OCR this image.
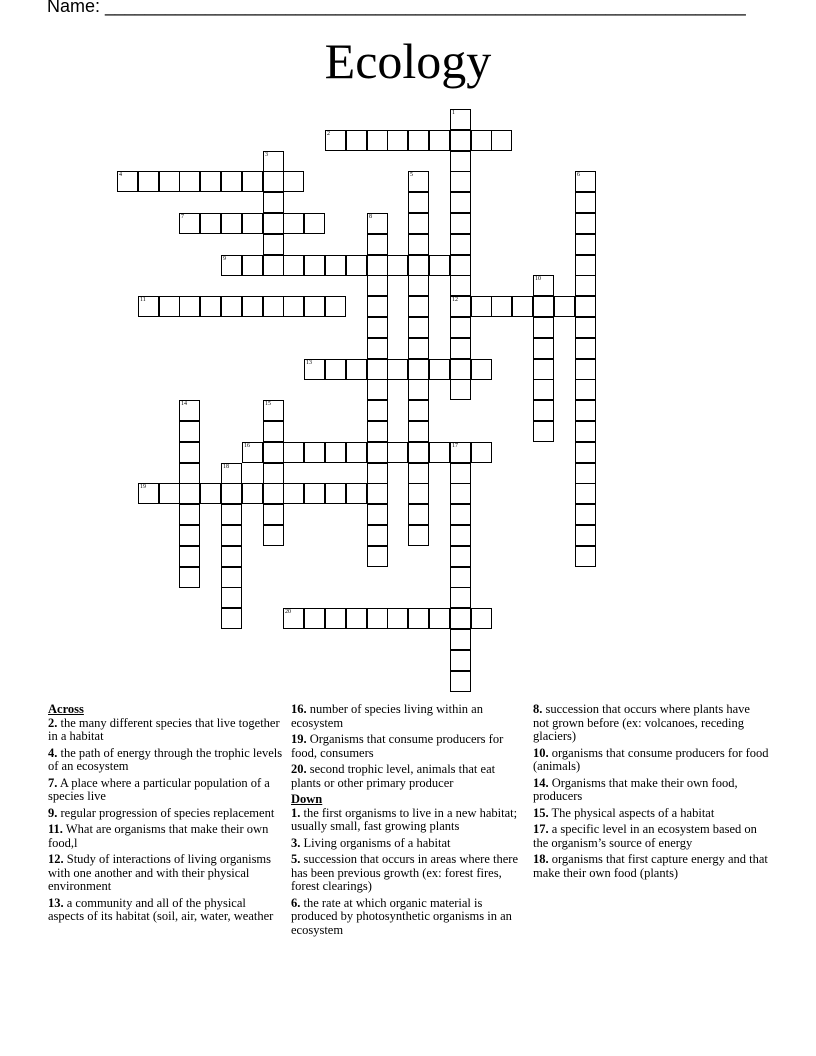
Name: ________________________________________________________________
Ecology
1
12
2
3
4	5	6
7	8
9
10
11
13
14	15
16	17
18
19
20

Across

2. the many different species that live together in a habitat

4. the path of energy through the trophic levels of an ecosystem

7. A place where a particular population of a species live

9. regular progression of species replacement

11. What are organisms that make their own food,l

12. Study of interactions of living organisms with one another and with their physical environment

13. a community and all of the physical aspects of its habitat (soil, air, water, weather

16. number of species living within an ecosystem

19. Organisms that consume producers for food, consumers

20. second trophic level, animals that eat plants or other primary producer

Down

1. the first organisms to live in a new habitat; usually small, fast growing plants

3. Living organisms of a habitat

5. succession that occurs in areas where there has been previous growth (ex: forest fires, forest clearings)

6. the rate at which organic material is produced by photosynthetic organisms in an ecosystem

8. succession that occurs where plants have not grown before (ex: volcanoes, receding glaciers)

10. organisms that consume producers for food (animals)

14. Organisms that make their own food, producers

15. The physical aspects of a habitat

17. a specific level in an ecosystem based on the organism’s source of energy

18. organisms that first capture energy and that make their own food (plants)
